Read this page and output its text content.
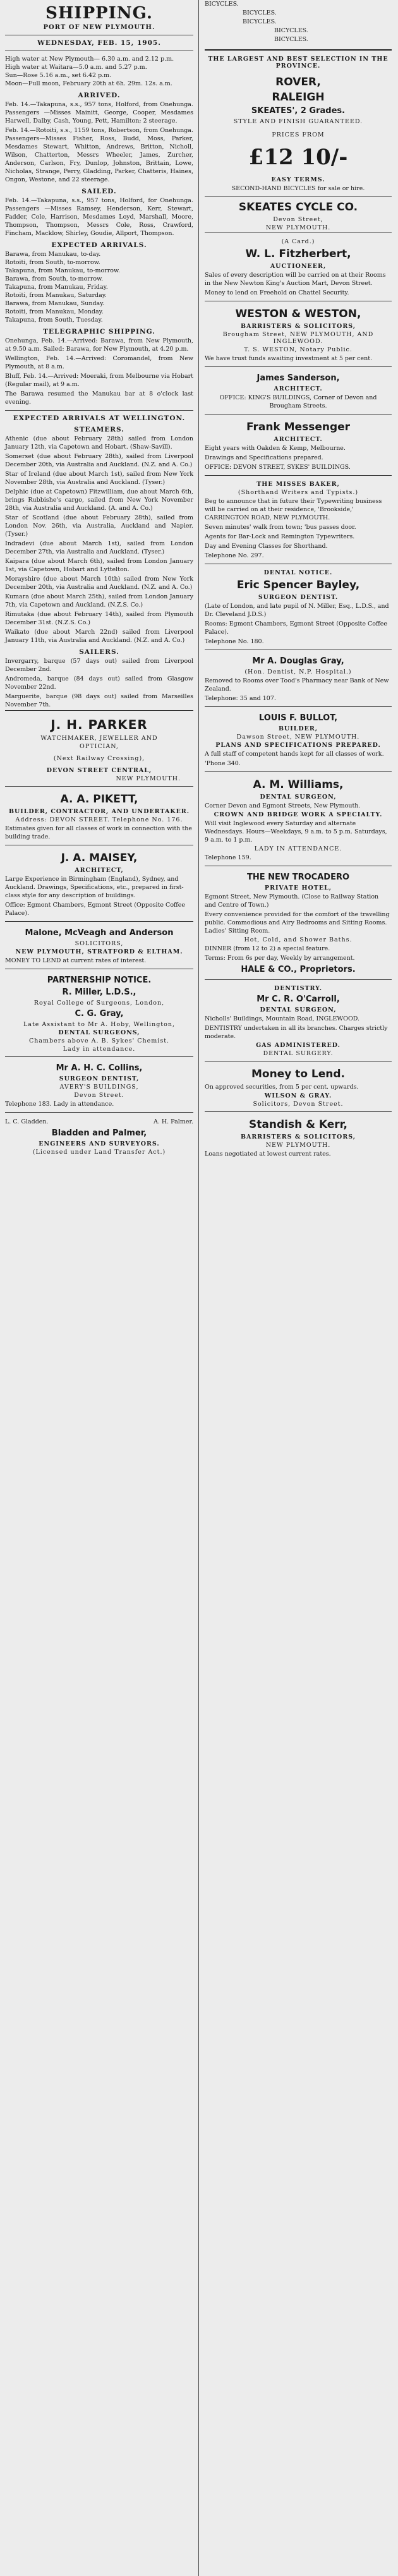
SHIPPING.
PORT OF NEW PLYMOUTH.
WEDNESDAY, FEB. 15, 1905.

High water at New Plymouth— 6.30 a.m. and 2.12 p.m.

High water at Waitara—5.0 a.m. and 5.27 p.m.

Sun—Rose 5.16 a.m., set 6.42 p.m.

Moon—Full moon, February 20th at 6h. 29m. 12s. a.m.

ARRIVED.

Feb. 14.—Takapuna, s.s., 957 tons, Holford, from Onehunga. Passengers —Misses Mainitt, George, Cooper, Mesdames Harwell, Dalby, Cash, Young, Pett, Hamilton; 2 steerage.

Feb. 14.—Rotoiti, s.s., 1159 tons, Robertson, from Onehunga. Passengers—Misses Fisher, Ross, Budd, Moss, Parker, Mesdames Stewart, Whitton, Andrews, Britton, Nicholl, Wilson, Chatterton, Messrs Wheeler, James, Zurcher, Anderson, Carlson, Fry, Dunlop, Johnston, Brittain, Lowe, Nicholas, Strange, Perry, Gladding, Parker, Chatteris, Haines, Ongon, Westone, and 22 steerage.

SAILED.

Feb. 14.—Takapuna, s.s., 957 tons, Holford, for Onehunga. Passengers —Misses Ramsey, Henderson, Kerr, Stewart, Fadder, Cole, Harrison, Mesdames Loyd, Marshall, Moore, Thompson, Thompson, Messrs Cole, Ross, Crawford, Fincham, Macklow, Shirley, Goudie, Allport, Thompson.

EXPECTED ARRIVALS.

Barawa, from Manukau, to-day.

Rotoiti, from South, to-morrow.

Takapuna, from Manukau, to-morrow.

Barawa, from South, to-morrow.

Takapuna, from Manukau, Friday.

Rotoiti, from Manukau, Saturday.

Barawa, from Manukau, Sunday.

Rotoiti, from Manukau, Monday.

Takapuna, from South, Tuesday.

TELEGRAPHIC SHIPPING.

Onehunga, Feb. 14.—Arrived: Barawa, from New Plymouth, at 9.50 a.m. Sailed: Barawa, for New Plymouth, at 4.20 p.m.

Wellington, Feb. 14.—Arrived: Coromandel, from New Plymouth, at 8 a.m.

Bluff, Feb. 14.—Arrived: Moeraki, from Melbourne via Hobart (Regular mail), at 9 a.m.

The Barawa resumed the Manukau bar at 8 o'clock last evening.

EXPECTED ARRIVALS AT WELLINGTON.
STEAMERS.

Athenic (due about February 28th) sailed from London January 12th, via Capetown and Hobart. (Shaw-Savill).

Somerset (due about February 28th), sailed from Liverpool December 20th, via Australia and Auckland. (N.Z. and A. Co.)

Star of Ireland (due about March 1st), sailed from New York November 28th, via Australia and Auckland. (Tyser.)

Delphic (due at Capetown) Fitzwilliam, due about March 6th, brings Rubbishe's cargo, sailed from New York November 28th, via Australia and Auckland. (A. and A. Co.)

Star of Scotland (due about February 28th), sailed from London Nov. 26th, via Australia, Auckland and Napier. (Tyser.)

Indradevi (due about March 1st), sailed from London December 27th, via Australia and Auckland. (Tyser.)

Kaipara (due about March 6th), sailed from London January 1st, via Capetown, Hobart and Lyttelton.

Morayshire (due about March 10th) sailed from New York December 20th, via Australia and Auckland. (N.Z. and A. Co.)

Kumara (due about March 25th), sailed from London January 7th, via Capetown and Auckland. (N.Z.S. Co.)

Rimutaka (due about February 14th), sailed from Plymouth December 31st. (N.Z.S. Co.)

Waikato (due about March 22nd) sailed from Liverpool January 11th, via Australia and Auckland. (N.Z. and A. Co.)

SAILERS.

Invergarry, barque (57 days out) sailed from Liverpool December 2nd.

Andromeda, barque (84 days out) sailed from Glasgow November 22nd.

Marguerite, barque (98 days out) sailed from Marseilles November 7th.

J. H. PARKER
WATCHMAKER, JEWELLER AND
OPTICIAN,
(Next Railway Crossing),
DEVON STREET CENTRAL,
NEW PLYMOUTH.
A. A. PIKETT,
BUILDER, CONTRACTOR, AND UNDERTAKER.
Address: DEVON STREET. Telephone No. 176.
Estimates given for all classes of work in connection with the building trade.
J. A. MAISEY,
ARCHITECT,
Large Experience in Birmingham (England), Sydney, and Auckland. Drawings, Specifications, etc., prepared in first-class style for any description of buildings.
Office: Egmont Chambers, Egmont Street (Opposite Coffee Palace).
Malone, McVeagh and Anderson
SOLICITORS,
NEW PLYMOUTH, STRATFORD & ELTHAM.
MONEY TO LEND at current rates of interest.
PARTNERSHIP NOTICE.
R. Miller, L.D.S.,
Royal College of Surgeons, London,
C. G. Gray,
Late Assistant to Mr A. Hoby, Wellington,
DENTAL SURGEONS,
Chambers above A. B. Sykes' Chemist.
Lady in attendance.
Mr A. H. C. Collins,
SURGEON DENTIST,
AVERY'S BUILDINGS,
Devon Street.
Telephone 183. Lady in attendance.
L. C. Gladden.	A. H. Palmer.
Bladden and Palmer,
ENGINEERS AND SURVEYORS.
(Licensed under Land Transfer Act.)
BICYCLES.
BICYCLES.
BICYCLES.
BICYCLES.
BICYCLES.
THE LARGEST AND BEST SELECTION IN THE PROVINCE.
ROVER,
RALEIGH
SKEATES', 2 Grades.
STYLE AND FINISH GUARANTEED.
PRICES FROM
£12 10/-
EASY TERMS.
SECOND-HAND BICYCLES for sale or hire.
SKEATES CYCLE CO.
Devon Street,
NEW PLYMOUTH.
(A Card.)
W. L. Fitzherbert,
AUCTIONEER,
Sales of every description will be carried on at their Rooms in the New Newton King's Auction Mart, Devon Street.
Money to lend on Freehold on Chattel Security.
WESTON & WESTON,
BARRISTERS & SOLICITORS,
Brougham Street, NEW PLYMOUTH, AND INGLEWOOD.
T. S. WESTON, Notary Public.
We have trust funds awaiting investment at 5 per cent.
James Sanderson,
ARCHITECT.
OFFICE: KING'S BUILDINGS, Corner of Devon and Brougham Streets.
Frank Messenger
ARCHITECT.
Eight years with Oakden & Kemp, Melbourne.
Drawings and Specifications prepared.
OFFICE: DEVON STREET, SYKES' BUILDINGS.
THE MISSES BAKER,
(Shorthand Writers and Typists.)
Beg to announce that in future their Typewriting business will be carried on at their residence, 'Brookside,' CARRINGTON ROAD, NEW PLYMOUTH.
Seven minutes' walk from town; 'bus passes door.
Agents for Bar-Lock and Remington Typewriters.
Day and Evening Classes for Shorthand.
Telephone No. 297.
DENTAL NOTICE.
Eric Spencer Bayley,
SURGEON DENTIST.
(Late of London, and late pupil of N. Miller, Esq., L.D.S., and Dr. Cleveland J.D.S.)
Rooms: Egmont Chambers, Egmont Street (Opposite Coffee Palace).
Telephone No. 180.
Mr A. Douglas Gray,
(Hon. Dentist, N.P. Hospital.)
Removed to Rooms over Tood's Pharmacy near Bank of New Zealand.
Telephone: 35 and 107.
LOUIS F. BULLOT,
BUILDER,
Dawson Street, NEW PLYMOUTH.
PLANS AND SPECIFICATIONS PREPARED.
A full staff of competent hands kept for all classes of work.
'Phone 340.
A. M. Williams,
DENTAL SURGEON,
Corner Devon and Egmont Streets, New Plymouth.
CROWN AND BRIDGE WORK A SPECIALTY.
Will visit Inglewood every Saturday and alternate Wednesdays. Hours—Weekdays, 9 a.m. to 5 p.m. Saturdays, 9 a.m. to 1 p.m.
LADY IN ATTENDANCE.
Telephone 159.
THE NEW TROCADERO
PRIVATE HOTEL,
Egmont Street, New Plymouth. (Close to Railway Station and Centre of Town.)
Every convenience provided for the comfort of the travelling public. Commodious and Airy Bedrooms and Sitting Rooms. Ladies' Sitting Room.
Hot, Cold, and Shower Baths.
DINNER (from 12 to 2) a special feature.
Terms: From 6s per day, Weekly by arrangement.
HALE & CO., Proprietors.
DENTISTRY.
Mr C. R. O'Carroll,
DENTAL SURGEON,
Nicholls' Buildings, Mountain Road, INGLEWOOD.
DENTISTRY undertaken in all its branches. Charges strictly moderate.
GAS ADMINISTERED.
DENTAL SURGERY.
Money to Lend.
On approved securities, from 5 per cent. upwards.
WILSON & GRAY.
Solicitors, Devon Street.
Standish & Kerr,
BARRISTERS & SOLICITORS,
NEW PLYMOUTH.
Loans negotiated at lowest current rates.
